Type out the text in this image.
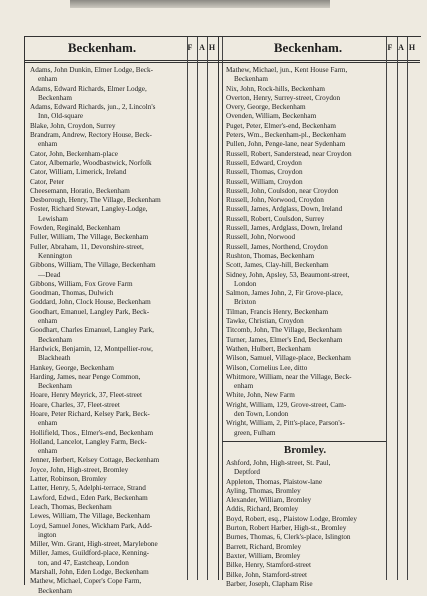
Beckenham.	F A H	Beckenham.	F A H
Adams, John Dunkin, Elmer Lodge, Beck-
enham
Adams, Edward Richards, Elmer Lodge,
Beckenham
Adams, Edward Richards, jun., 2, Lincoln's
Inn, Old-square
Blake, John, Croydon, Surrey
Brandram, Andrew, Rectory House, Beck-
enham
Cator, John, Beckenham-place
Cator, Albemarle, Woodbastwick, Norfolk
Cator, William, Limerick, Ireland
Cator, Peter
Cheesemann, Horatio, Beckenham
Desborough, Henry, The Village, Beckenham
Foster, Richard Stewart, Langley-Lodge,
Lewisham
Fowden, Reginald, Beckenham
Fuller, William, The Village, Beckenham
Fuller, Abraham, 11, Devonshire-street,
Kennington
Gibbons, William, The Village, Beckenham
—Dead
Gibbons, William, Fox Grove Farm
Goodman, Thomas, Dulwich
Goddard, John, Clock House, Beckenham
Goodhart, Emanuel, Langley Park, Beck-
enham
Goodhart, Charles Emanuel, Langley Park,
Beckenham
Hardwick, Benjamin, 12, Montpellier-row,
Blackheath
Hankey, George, Beckenham
Harding, James, near Penge Common,
Beckenham
Hoare, Henry Meyrick, 37, Fleet-street
Hoare, Charles, 37, Fleet-street
Hoare, Peter Richard, Kelsey Park, Beck-
enham
Hollifield, Thos., Elmer's-end, Beckenham
Holland, Lancelot, Langley Farm, Beck-
enham
Jenner, Herbert, Kelsey Cottage, Beckenham
Joyce, John, High-street, Bromley
Latter, Robinson, Bromley
Latter, Henry, 5, Adelphi-terrace, Strand
Lawford, Edwd., Eden Park, Beckenham
Leach, Thomas, Beckenham
Lewes, William, The Village, Beckenham
Loyd, Samuel Jones, Wickham Park, Add-
ington
Miller, Wm. Grant, High-street, Marylebone
Miller, James, Guildford-place, Kenning-
ton, and 47, Eastcheap, London
Marshall, John, Eden Lodge, Beckenham
Mathew, Michael, Coper's Cope Farm,
Beckenham
Mathew, Michael, jun., Kent House Farm,
Beckenham
Nix, John, Rock-hills, Beckenham
Overton, Henry, Surrey-street, Croydon
Overy, George, Beckenham
Ovenden, William, Beckenham
Puget, Peter, Elmer's-end, Beckenham
Peters, Wm., Beckenham-pl., Beckenham
Pullen, John, Penge-lane, near Sydenham
Russell, Robert, Sanderstead, near Croydon
Russell, Edward, Croydon
Russell, Thomas, Croydon
Russell, William, Croydon
Russell, John, Coulsdon, near Croydon
Russell, John, Norwood, Croydon
Russell, James, Ardglass, Down, Ireland
Russell, Robert, Coulsdon, Surrey
Russell, James, Ardglass, Down, Ireland
Russell, John, Norwood
Russell, James, Northend, Croydon
Rushton, Thomas, Beckenham
Scott, James, Clay-hill, Beckenham
Sidney, John, Apsley, 53, Beaumont-street,
London
Salmon, James John, 2, Fir Grove-place,
Brixton
Tilman, Francis Henry, Beckenham
Tawke, Christian, Croydon
Titcomb, John, The Village, Beckenham
Turner, James, Elmer's End, Beckenham
Wathen, Hulbert, Beckenham
Wilson, Samuel, Village-place, Beckenham
Wilson, Cornelius Lee, ditto
Whitmore, William, near the Village, Beck-
enham
White, John, New Farm
Wright, William, 129, Grove-street, Cam-
den Town, London
Wright, William, 2, Pitt's-place, Parson's-
green, Fulham
Bromley.
Ashford, John, High-street, St. Paul,
Deptford
Appleton, Thomas, Plaistow-lane
Ayling, Thomas, Bromley
Alexander, William, Bromley
Addis, Richard, Bromley
Boyd, Robert, esq., Plaistow Lodge, Bromley
Burton, Robert Harber, High-st., Bromley
Burnes, Thomas, 6, Clerk's-place, Islington
Barrett, Richard, Bromley
Baxter, William, Bromley
Bilke, Henry, Stamford-street
Bilke, John, Stamford-street
Barber, Joseph, Clapham Rise
